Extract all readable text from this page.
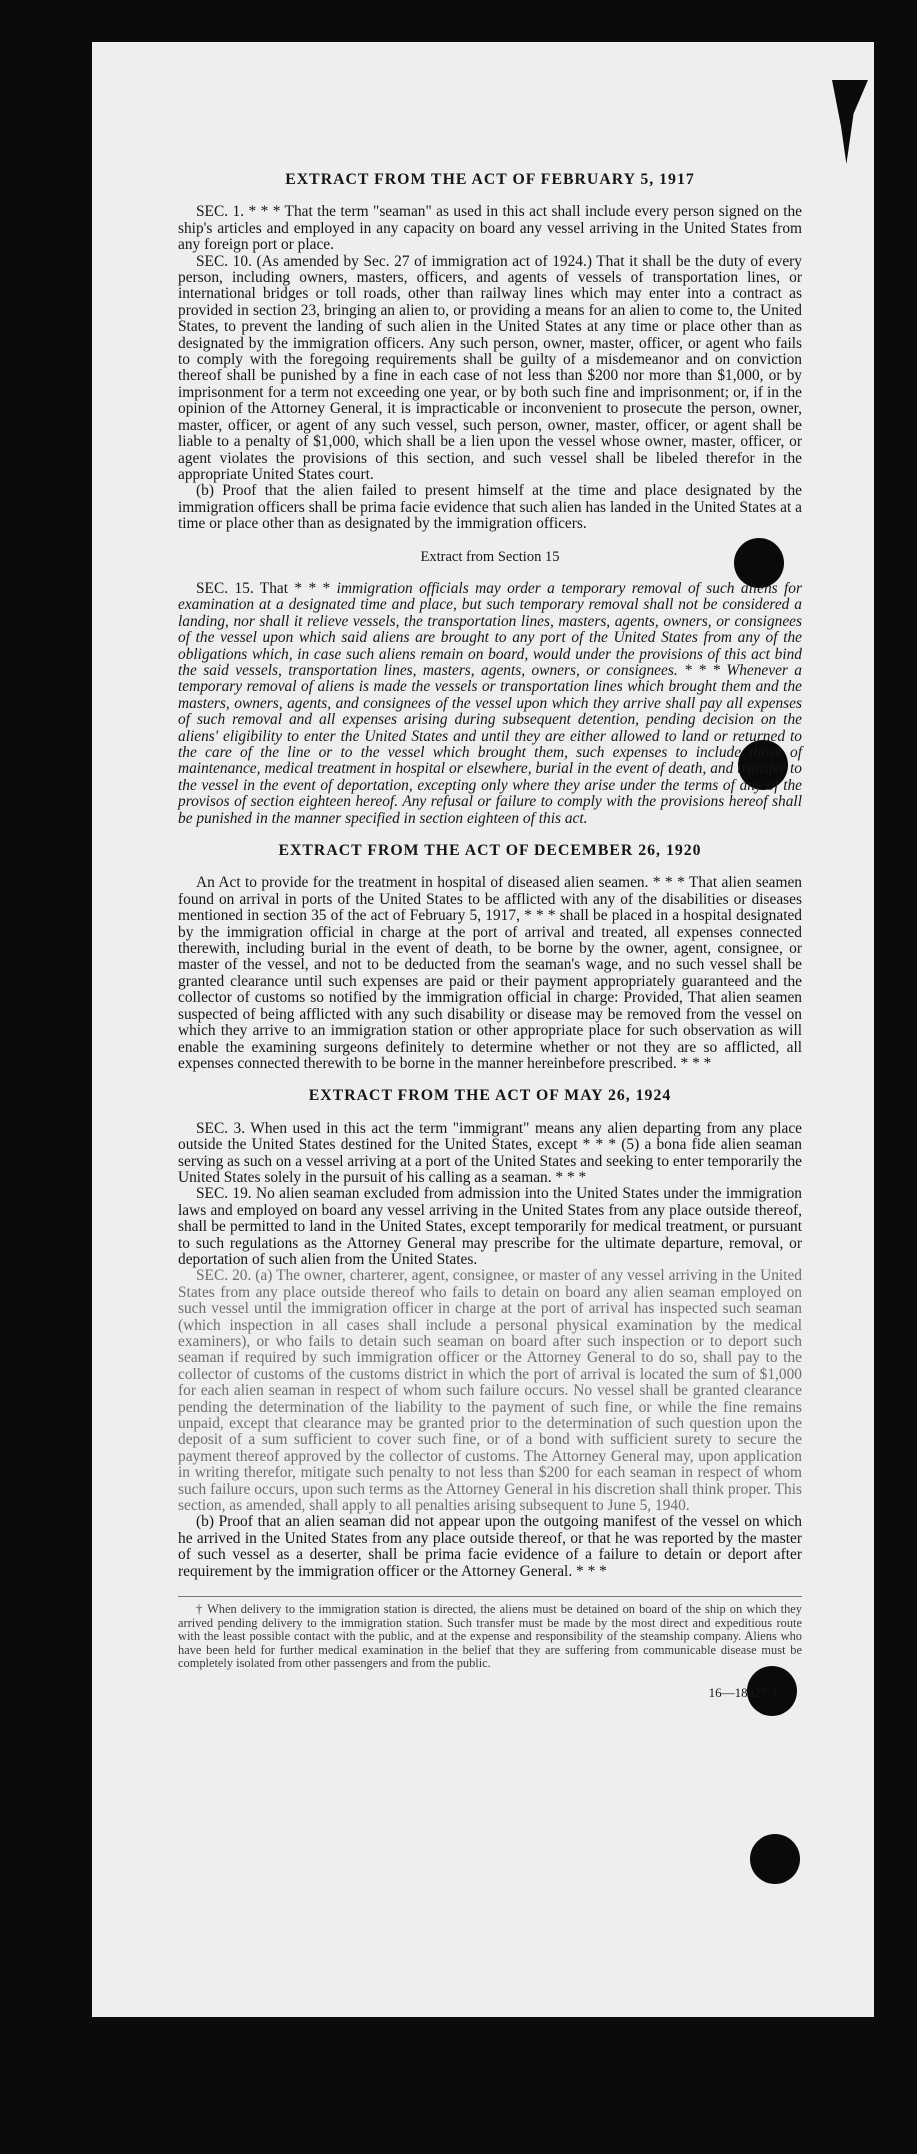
EXTRACT FROM THE ACT OF FEBRUARY 5, 1917

SEC. 1. * * * That the term "seaman" as used in this act shall include every person signed on the ship's articles and employed in any capacity on board any vessel arriving in the United States from any foreign port or place.

SEC. 10. (As amended by Sec. 27 of immigration act of 1924.) That it shall be the duty of every person, including owners, masters, officers, and agents of vessels of transportation lines, or international bridges or toll roads, other than railway lines which may enter into a contract as provided in section 23, bringing an alien to, or providing a means for an alien to come to, the United States, to prevent the landing of such alien in the United States at any time or place other than as designated by the immigration officers. Any such person, owner, master, officer, or agent who fails to comply with the foregoing requirements shall be guilty of a misdemeanor and on conviction thereof shall be punished by a fine in each case of not less than $200 nor more than $1,000, or by imprisonment for a term not exceeding one year, or by both such fine and imprisonment; or, if in the opinion of the Attorney General, it is impracticable or inconvenient to prosecute the person, owner, master, officer, or agent of any such vessel, such person, owner, master, officer, or agent shall be liable to a penalty of $1,000, which shall be a lien upon the vessel whose owner, master, officer, or agent violates the provisions of this section, and such vessel shall be libeled therefor in the appropriate United States court.

(b) Proof that the alien failed to present himself at the time and place designated by the immigration officers shall be prima facie evidence that such alien has landed in the United States at a time or place other than as designated by the immigration officers.

Extract from Section 15

SEC. 15. That * * * immigration officials may order a temporary removal of such aliens for examination at a designated time and place, but such temporary removal shall not be considered a landing, nor shall it relieve vessels, the transportation lines, masters, agents, owners, or consignees of the vessel upon which said aliens are brought to any port of the United States from any of the obligations which, in case such aliens remain on board, would under the provisions of this act bind the said vessels, transportation lines, masters, agents, owners, or consignees. * * * Whenever a temporary removal of aliens is made the vessels or transportation lines which brought them and the masters, owners, agents, and consignees of the vessel upon which they arrive shall pay all expenses of such removal and all expenses arising during subsequent detention, pending decision on the aliens' eligibility to enter the United States and until they are either allowed to land or returned to the care of the line or to the vessel which brought them, such expenses to include those of maintenance, medical treatment in hospital or elsewhere, burial in the event of death, and transfer to the vessel in the event of deportation, excepting only where they arise under the terms of any of the provisos of section eighteen hereof. Any refusal or failure to comply with the provisions hereof shall be punished in the manner specified in section eighteen of this act.

EXTRACT FROM THE ACT OF DECEMBER 26, 1920

An Act to provide for the treatment in hospital of diseased alien seamen. * * * That alien seamen found on arrival in ports of the United States to be afflicted with any of the disabilities or diseases mentioned in section 35 of the act of February 5, 1917, * * * shall be placed in a hospital designated by the immigration official in charge at the port of arrival and treated, all expenses connected therewith, including burial in the event of death, to be borne by the owner, agent, consignee, or master of the vessel, and not to be deducted from the seaman's wage, and no such vessel shall be granted clearance until such expenses are paid or their payment appropriately guaranteed and the collector of customs so notified by the immigration official in charge: Provided, That alien seamen suspected of being afflicted with any such disability or disease may be removed from the vessel on which they arrive to an immigration station or other appropriate place for such observation as will enable the examining surgeons definitely to determine whether or not they are so afflicted, all expenses connected therewith to be borne in the manner hereinbefore prescribed. * * *

EXTRACT FROM THE ACT OF MAY 26, 1924

SEC. 3. When used in this act the term "immigrant" means any alien departing from any place outside the United States destined for the United States, except * * * (5) a bona fide alien seaman serving as such on a vessel arriving at a port of the United States and seeking to enter temporarily the United States solely in the pursuit of his calling as a seaman. * * *

SEC. 19. No alien seaman excluded from admission into the United States under the immigration laws and employed on board any vessel arriving in the United States from any place outside thereof, shall be permitted to land in the United States, except temporarily for medical treatment, or pursuant to such regulations as the Attorney General may prescribe for the ultimate departure, removal, or deportation of such alien from the United States.

SEC. 20. (a) The owner, charterer, agent, consignee, or master of any vessel arriving in the United States from any place outside thereof who fails to detain on board any alien seaman employed on such vessel until the immigration officer in charge at the port of arrival has inspected such seaman (which inspection in all cases shall include a personal physical examination by the medical examiners), or who fails to detain such seaman on board after such inspection or to deport such seaman if required by such immigration officer or the Attorney General to do so, shall pay to the collector of customs of the customs district in which the port of arrival is located the sum of $1,000 for each alien seaman in respect of whom such failure occurs. No vessel shall be granted clearance pending the determination of the liability to the payment of such fine, or while the fine remains unpaid, except that clearance may be granted prior to the determination of such question upon the deposit of a sum sufficient to cover such fine, or of a bond with sufficient surety to secure the payment thereof approved by the collector of customs. The Attorney General may, upon application in writing therefor, mitigate such penalty to not less than $200 for each seaman in respect of whom such failure occurs, upon such terms as the Attorney General in his discretion shall think proper. This section, as amended, shall apply to all penalties arising subsequent to June 5, 1940.

(b) Proof that an alien seaman did not appear upon the outgoing manifest of the vessel on which he arrived in the United States from any place outside thereof, or that he was reported by the master of such vessel as a deserter, shall be prima facie evidence of a failure to detain or deport after requirement by the immigration officer or the Attorney General. * * *

† When delivery to the immigration station is directed, the aliens must be detained on board of the ship on which they arrived pending delivery to the immigration station. Such transfer must be made by the most direct and expeditious route with the least possible contact with the public, and at the expense and responsibility of the steamship company. Aliens who have been held for further medical examination in the belief that they are suffering from communicable disease must be completely isolated from other passengers and from the public.

16—18927-1
